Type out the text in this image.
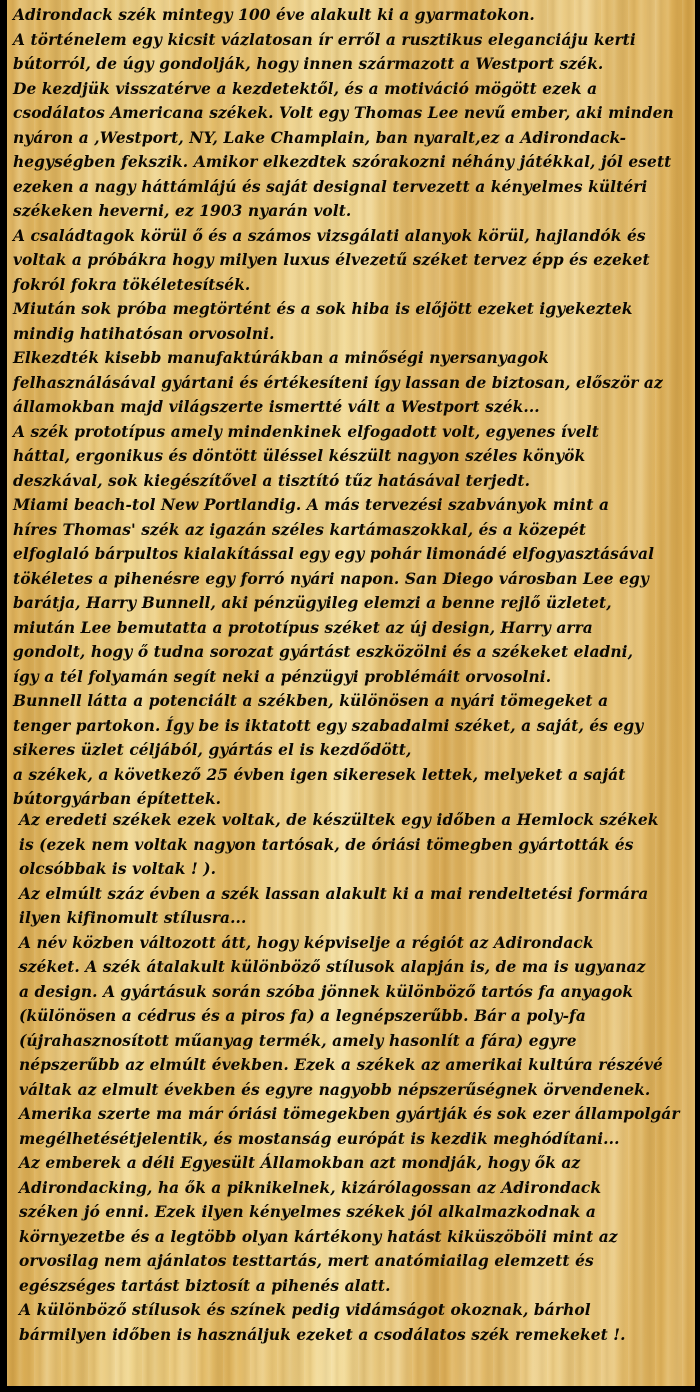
Adirondack szék mintegy 100 éve alakult ki a gyarmatokon.
A történelem egy kicsit vázlatosan ír erről a rusztikus eleganciáju kerti
bútorról, de úgy gondolják, hogy innen származott a Westport szék.
De kezdjük visszatérve a kezdetektől, és a motiváció mögött ezek a
csodálatos Americana székek. Volt egy Thomas Lee nevű ember, aki minden
nyáron a ,Westport, NY, Lake Champlain, ban nyaralt,ez a Adirondack-
hegységben fekszik. Amikor elkezdtek szórakozni néhány játékkal, jól esett
ezeken a nagy háttámlájú és saját designal tervezett a kényelmes kültéri
székeken heverni, ez 1903 nyarán volt.
A családtagok körül ő és a számos vizsgálati alanyok körül, hajlandók és
voltak a próbákra hogy milyen luxus élvezetű széket tervez épp és ezeket
fokról fokra tökéletesítsék.
Miután sok próba megtörtént és a sok hiba is előjött ezeket igyekeztek
mindig hatihatósan orvosolni.
Elkezdték kisebb manufaktúrákban a minőségi nyersanyagok
felhasználásával gyártani és értékesíteni így lassan de biztosan, először az
államokban majd világszerte ismertté vált a Westport szék...
A szék prototípus amely mindenkinek elfogadott volt, egyenes ívelt
háttal, ergonikus és döntött üléssel készült nagyon széles könyök
deszkával, sok kiegészítővel a tisztító tűz hatásával terjedt.
Miami beach-tol New Portlandig. A más tervezési szabványok mint a
híres Thomas' szék az igazán széles kartámaszokkal, és a közepét
elfoglaló bárpultos kialakítással egy egy pohár limonádé elfogyasztásával
tökéletes a pihenésre egy forró nyári napon. San Diego városban Lee egy
barátja, Harry Bunnell, aki pénzügyileg elemzi a benne rejlő üzletet,
miután Lee bemutatta a prototípus széket az új design, Harry arra
gondolt, hogy ő tudna sorozat gyártást eszközölni és a székeket eladni,
így a tél folyamán segít neki a pénzügyi problémáit orvosolni.
Bunnell látta a potenciált a székben, különösen a nyári tömegeket a
tenger partokon. Így be is iktatott egy szabadalmi széket, a saját, és egy
sikeres üzlet céljából, gyártás el is kezdődött,
a székek, a következő 25 évben igen sikeresek lettek, melyeket a saját
bútorgyárban építettek.
Az eredeti székek ezek voltak, de készültek egy időben a Hemlock székek
is (ezek nem voltak nagyon tartósak, de óriási tömegben gyártották és
olcsóbbak is voltak ! ).
Az elmúlt száz évben a szék lassan alakult ki a mai rendeltetési formára
ilyen kifinomult stílusra...
A név közben változott átt, hogy képviselje a régiót az Adirondack
széket. A szék átalakult különböző stílusok alapján is, de ma is ugyanaz
a design. A gyártásuk során szóba jönnek különböző tartós fa anyagok
(különösen a cédrus és a piros fa) a legnépszerűbb. Bár a poly-fa
(újrahasznosított műanyag termék, amely hasonlít a fára) egyre
népszerűbb az elmúlt években. Ezek a székek az amerikai kultúra részévé
váltak az elmult években és egyre nagyobb népszerűségnek örvendenek.
Amerika szerte ma már óriási tömegekben gyártják és sok ezer állampolgár
megélhetésétjelentik, és mostanság európát is kezdik meghódítani...
Az emberek a déli Egyesült Államokban azt mondják, hogy ők az
Adirondacking, ha ők a piknikelnek, kizárólagossan az Adirondack
széken jó enni. Ezek ilyen kényelmes székek jól alkalmazkodnak a
környezetbe és a legtöbb olyan kártékony hatást kiküszöböli mint az
orvosilag nem ajánlatos testtartás, mert anatómiailag elemzett és
egészséges tartást biztosít a pihenés alatt.
A különböző stílusok és színek pedig vidámságot okoznak, bárhol
bármilyen időben is használjuk ezeket a csodálatos szék remekeket !.
